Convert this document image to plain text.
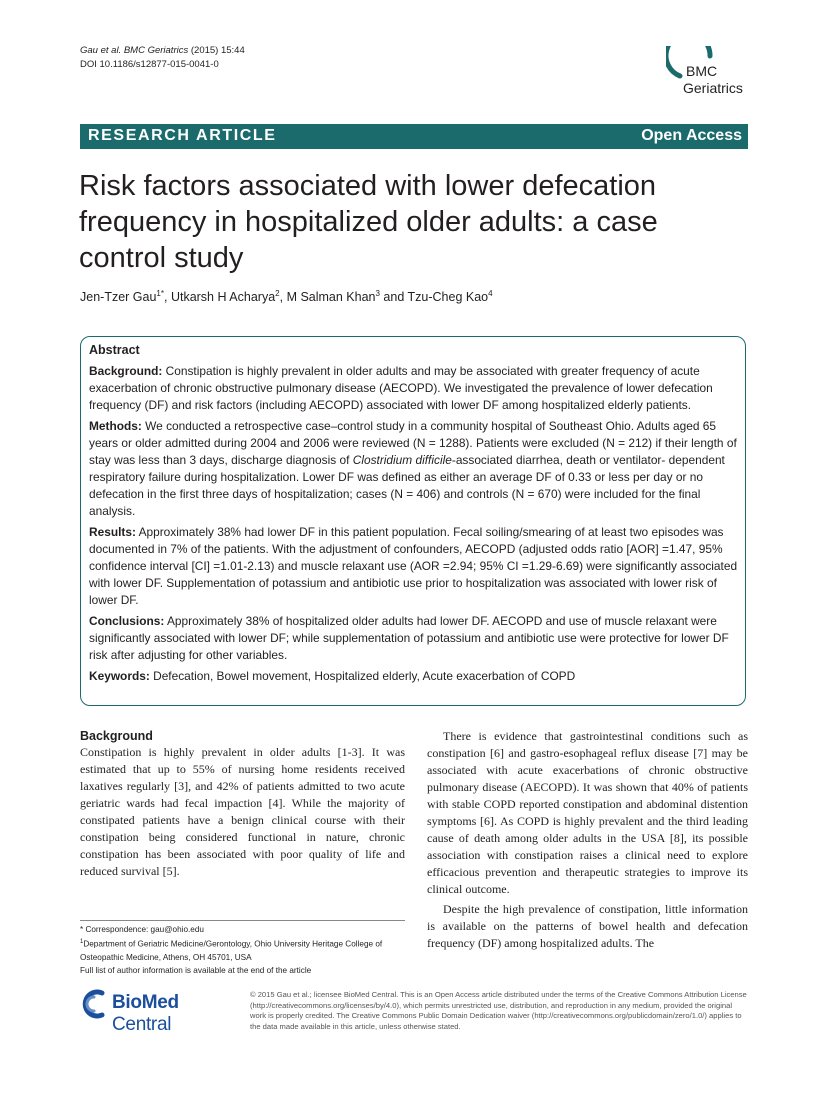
Gau et al. BMC Geriatrics (2015) 15:44
DOI 10.1186/s12877-015-0041-0	BMC
Geriatrics
RESEARCH ARTICLE	Open Access
Risk factors associated with lower defecation frequency in hospitalized older adults: a case control study
Jen-Tzer Gau$^{1*}$, Utkarsh H Acharya$^2$, M Salman Khan$^3$ and Tzu-Cheg Kao$^4$
Abstract

Background: Constipation is highly prevalent in older adults and may be associated with greater frequency of acute exacerbation of chronic obstructive pulmonary disease (AECOPD). We investigated the prevalence of lower defecation frequency (DF) and risk factors (including AECOPD) associated with lower DF among hospitalized elderly patients.

Methods: We conducted a retrospective case–control study in a community hospital of Southeast Ohio. Adults aged 65 years or older admitted during 2004 and 2006 were reviewed (N = 1288). Patients were excluded (N = 212) if their length of stay was less than 3 days, discharge diagnosis of Clostridium difficile-associated diarrhea, death or ventilator- dependent respiratory failure during hospitalization. Lower DF was defined as either an average DF of 0.33 or less per day or no defecation in the first three days of hospitalization; cases (N = 406) and controls (N = 670) were included for the final analysis.

Results: Approximately 38% had lower DF in this patient population. Fecal soiling/smearing of at least two episodes was documented in 7% of the patients. With the adjustment of confounders, AECOPD (adjusted odds ratio [AOR] =1.47, 95% confidence interval [CI] =1.01-2.13) and muscle relaxant use (AOR =2.94; 95% CI =1.29-6.69) were significantly associated with lower DF. Supplementation of potassium and antibiotic use prior to hospitalization was associated with lower risk of lower DF.

Conclusions: Approximately 38% of hospitalized older adults had lower DF. AECOPD and use of muscle relaxant were significantly associated with lower DF; while supplementation of potassium and antibiotic use were protective for lower DF risk after adjusting for other variables.

Keywords: Defecation, Bowel movement, Hospitalized elderly, Acute exacerbation of COPD

Background

Constipation is highly prevalent in older adults [1-3]. It was estimated that up to 55% of nursing home residents received laxatives regularly [3], and 42% of patients admitted to two acute geriatric wards had fecal impaction [4]. While the majority of constipated patients have a benign clinical course with their constipation being considered functional in nature, chronic constipation has been associated with poor quality of life and reduced survival [5].

There is evidence that gastrointestinal conditions such as constipation [6] and gastro-esophageal reflux disease [7] may be associated with acute exacerbations of chronic obstructive pulmonary disease (AECOPD). It was shown that 40% of patients with stable COPD reported constipation and abdominal distention symptoms [6]. As COPD is highly prevalent and the third leading cause of death among older adults in the USA [8], its possible association with constipation raises a clinical need to explore efficacious prevention and therapeutic strategies to improve its clinical outcome.

Despite the high prevalence of constipation, little information is available on the patterns of bowel health and defecation frequency (DF) among hospitalized adults. The

* Correspondence: gau@ohio.edu
$^1$Department of Geriatric Medicine/Gerontology, Ohio University Heritage College of Osteopathic Medicine, Athens, OH 45701, USA
Full list of author information is available at the end of the article
BioMed Central
© 2015 Gau et al.; licensee BioMed Central. This is an Open Access article distributed under the terms of the Creative Commons Attribution License (http://creativecommons.org/licenses/by/4.0), which permits unrestricted use, distribution, and reproduction in any medium, provided the original work is properly credited. The Creative Commons Public Domain Dedication waiver (http://creativecommons.org/publicdomain/zero/1.0/) applies to the data made available in this article, unless otherwise stated.
